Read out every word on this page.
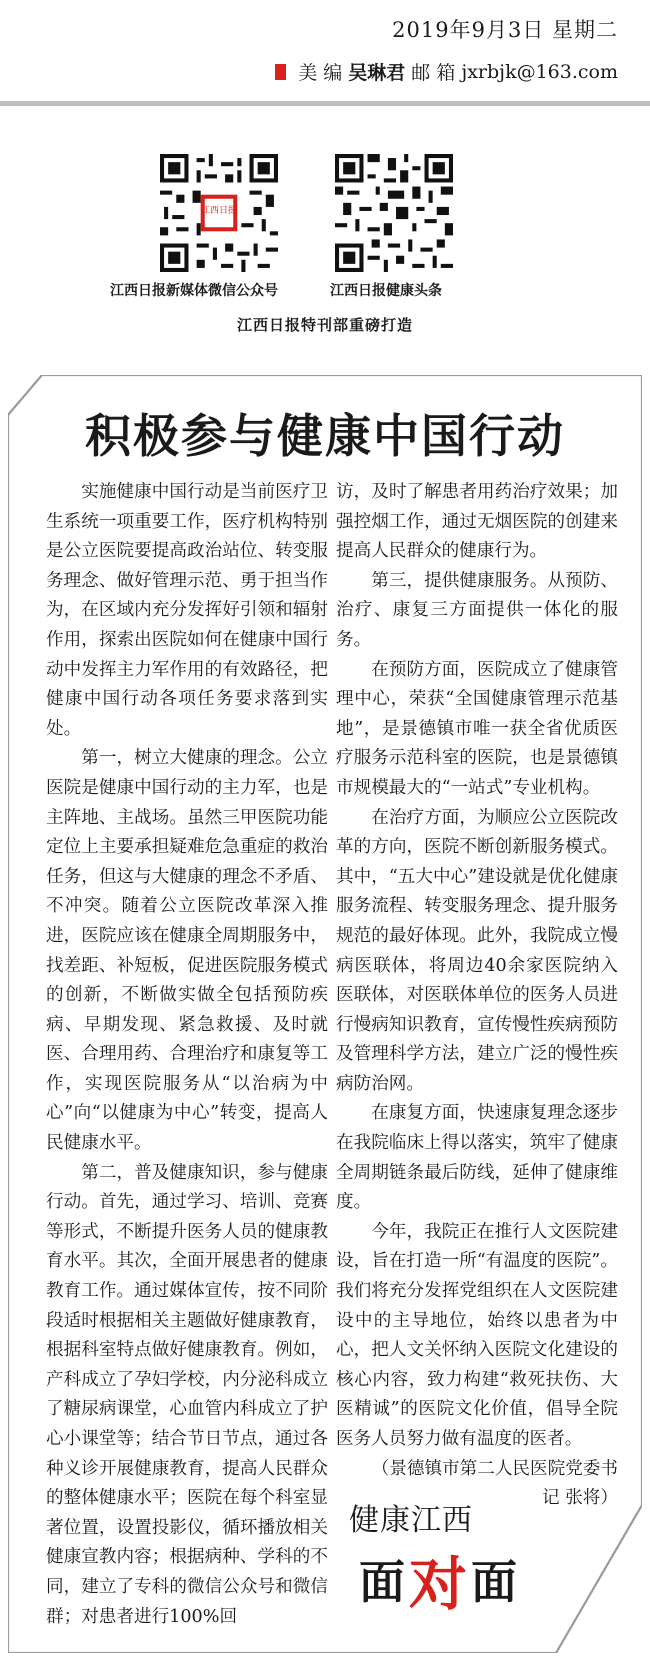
2019年9月3日 星期二
美 编 吴琳君 邮 箱 jxrbjk@163.com
江西日报
江西日报新媒体微信公众号	江西日报健康头条
江西日报特刊部重磅打造
积极参与健康中国行动

实施健康中国行动是当前医疗卫生系统一项重要工作，医疗机构特别是公立医院要提高政治站位、转变服务理念、做好管理示范、勇于担当作为，在区域内充分发挥好引领和辐射作用，探索出医院如何在健康中国行动中发挥主力军作用的有效路径，把健康中国行动各项任务要求落到实处。

第一，树立大健康的理念。公立医院是健康中国行动的主力军，也是主阵地、主战场。虽然三甲医院功能定位上主要承担疑难危急重症的救治任务，但这与大健康的理念不矛盾、不冲突。随着公立医院改革深入推进，医院应该在健康全周期服务中，找差距、补短板，促进医院服务模式的创新，不断做实做全包括预防疾病、早期发现、紧急救援、及时就医、合理用药、合理治疗和康复等工作，实现医院服务从“以治病为中心”向“以健康为中心”转变，提高人民健康水平。

第二，普及健康知识，参与健康行动。首先，通过学习、培训、竞赛等形式，不断提升医务人员的健康教育水平。其次，全面开展患者的健康教育工作。通过媒体宣传，按不同阶段适时根据相关主题做好健康教育，根据科室特点做好健康教育。例如，产科成立了孕妇学校，内分泌科成立了糖尿病课堂，心血管内科成立了护心小课堂等；结合节日节点，通过各种义诊开展健康教育，提高人民群众的整体健康水平；医院在每个科室显著位置，设置投影仪，循环播放相关健康宣教内容；根据病种、学科的不同，建立了专科的微信公众号和微信群；对患者进行100%回

访，及时了解患者用药治疗效果；加强控烟工作，通过无烟医院的创建来提高人民群众的健康行为。

第三，提供健康服务。从预防、治疗、康复三方面提供一体化的服务。

在预防方面，医院成立了健康管理中心，荣获“全国健康管理示范基地”，是景德镇市唯一获全省优质医疗服务示范科室的医院，也是景德镇市规模最大的“一站式”专业机构。

在治疗方面，为顺应公立医院改革的方向，医院不断创新服务模式。其中，“五大中心”建设就是优化健康服务流程、转变服务理念、提升服务规范的最好体现。此外，我院成立慢病医联体，将周边40余家医院纳入医联体，对医联体单位的医务人员进行慢病知识教育，宣传慢性疾病预防及管理科学方法，建立广泛的慢性疾病防治网。

在康复方面，快速康复理念逐步在我院临床上得以落实，筑牢了健康全周期链条最后防线，延伸了健康维度。

今年，我院正在推行人文医院建设，旨在打造一所“有温度的医院”。我们将充分发挥党组织在人文医院建设中的主导地位，始终以患者为中心，把人文关怀纳入医院文化建设的核心内容，致力构建“救死扶伤、大医精诚”的医院文化价值，倡导全院医务人员努力做有温度的医者。

（景德镇市第二人民医院党委书记 张将）

健康江西
面 对 面
